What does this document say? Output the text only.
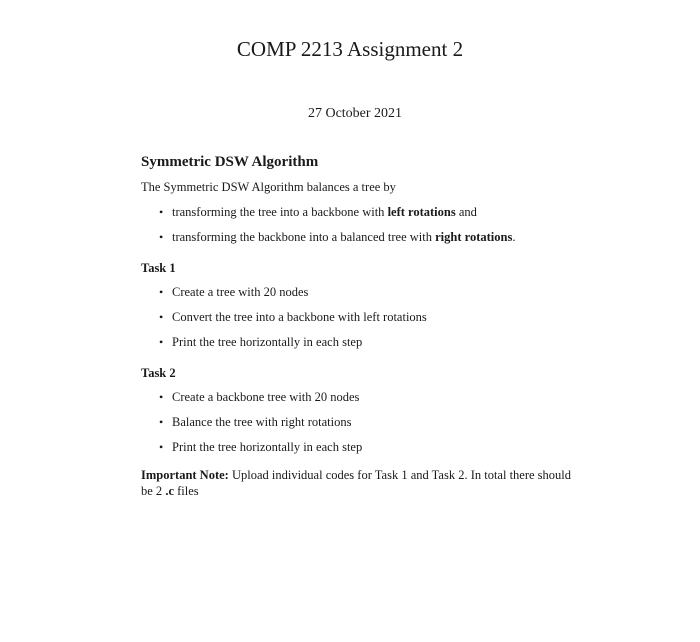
COMP 2213 Assignment 2
27 October 2021
Symmetric DSW Algorithm
The Symmetric DSW Algorithm balances a tree by
• transforming the tree into a backbone with left rotations and
• transforming the backbone into a balanced tree with right rotations.
Task 1
• Create a tree with 20 nodes
• Convert the tree into a backbone with left rotations
• Print the tree horizontally in each step
Task 2
• Create a backbone tree with 20 nodes
• Balance the tree with right rotations
• Print the tree horizontally in each step
Important Note: Upload individual codes for Task 1 and Task 2. In total there should be 2 .c files
